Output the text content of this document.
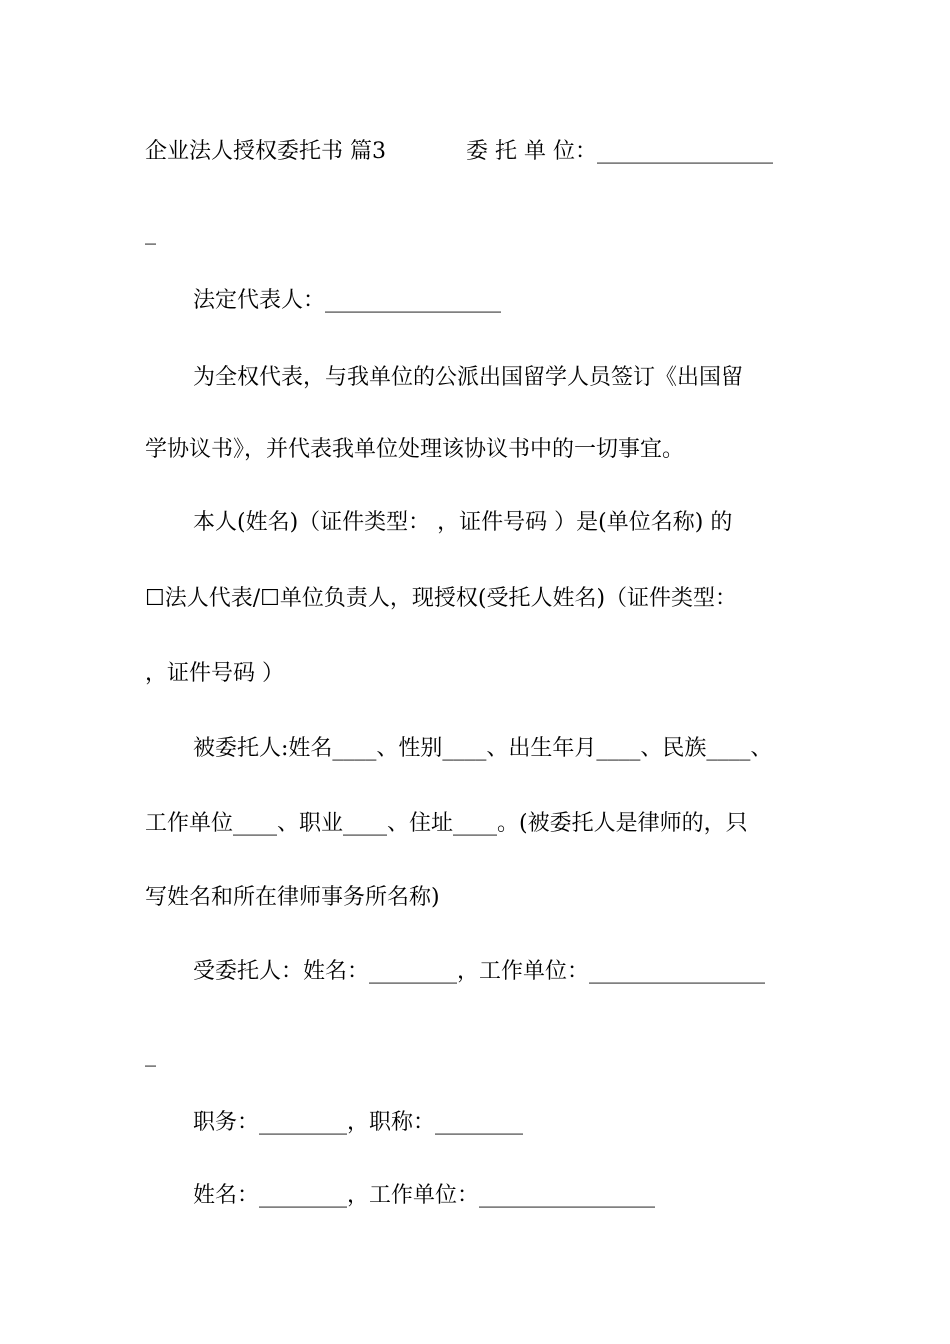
企业法人授权委托书 篇3	委 托 单 位：________________
_
法定代表人：________________
为全权代表，与我单位的公派出国留学人员签订《出国留
学协议书》，并代表我单位处理该协议书中的一切事宜。
本人(姓名)（证件类型： ，证件号码 ）是(单位名称) 的
☐法人代表/☐单位负责人，现授权(受托人姓名)（证件类型：
，证件号码 ）
被委托人:姓名____、性别____、出生年月____、民族____、
工作单位____、职业____、住址____。(被委托人是律师的，只
写姓名和所在律师事务所名称)
受委托人：姓名：________，工作单位：________________
_
职务：________，职称：________
姓名：________，工作单位：________________
